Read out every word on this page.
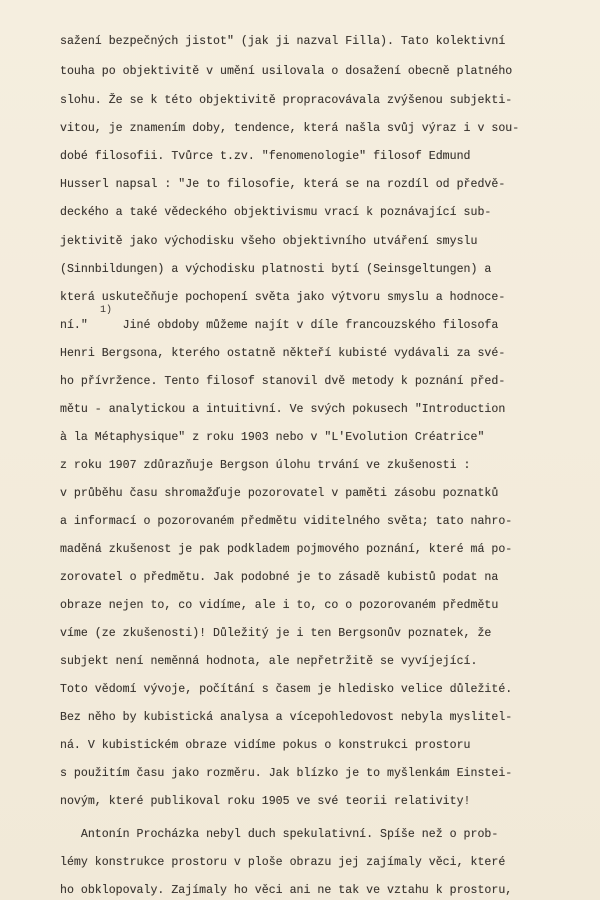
sažení bezpečných jistot" (jak ji nazval Filla). Tato kolektivní
touha po objektivitě v umění usilovala o dosažení obecně platného
slohu. Že se k této objektivitě propracovávala zvýšenou subjekti-
vitou, je znamením doby, tendence, která našla svůj výraz i v sou-
dobé filosofii. Tvůrce t.zv. "fenomenologie" filosof Edmund
Husserl napsal : "Je to filosofie, která se na rozdíl od předvě-
deckého a také vědeckého objektivismu vrací k poznávající sub-
jektivitě jako východisku všeho objektivního utváření smyslu
(Sinnbildungen) a východisku platnosti bytí (Seinsgeltungen) a
která uskutečňuje pochopení světa jako výtvoru smyslu a hodnoce-
ní."     Jiné obdoby můžeme najít v díle francouzského filosofa
1)
Henri Bergsona, kterého ostatně někteří kubisté vydávali za své-
ho přívržence. Tento filosof stanovil dvě metody k poznání před-
mětu - analytickou a intuitivní. Ve svých pokusech "Introduction
à la Métaphysique" z roku 1903 nebo v "L'Evolution Créatrice"
z roku 1907 zdůrazňuje Bergson úlohu trvání ve zkušenosti :
v průběhu času shromažďuje pozorovatel v paměti zásobu poznatků
a informací o pozorovaném předmětu viditelného světa; tato nahro-
maděná zkušenost je pak podkladem pojmového poznání, které má po-
zorovatel o předmětu. Jak podobné je to zásadě kubistů podat na
obraze nejen to, co vidíme, ale i to, co o pozorovaném předmětu
víme (ze zkušenosti)! Důležitý je i ten Bergsonův poznatek, že
subjekt není neměnná hodnota, ale nepřetržitě se vyvíjející.
Toto vědomí vývoje, počítání s časem je hledisko velice důležité.
Bez něho by kubistická analysa a vícepohledovost nebyla myslitel-
ná. V kubistickém obraze vidíme pokus o konstrukci prostoru
s použitím času jako rozměru. Jak blízko je to myšlenkám Einstei-
novým, které publikoval roku 1905 ve své teorii relativity!
Antonín Procházka nebyl duch spekulativní. Spíše než o prob-
lémy konstrukce prostoru v ploše obrazu jej zajímaly věci, které
ho obklopovaly. Zajímaly ho věci ani ne tak ve vztahu k prostoru,
